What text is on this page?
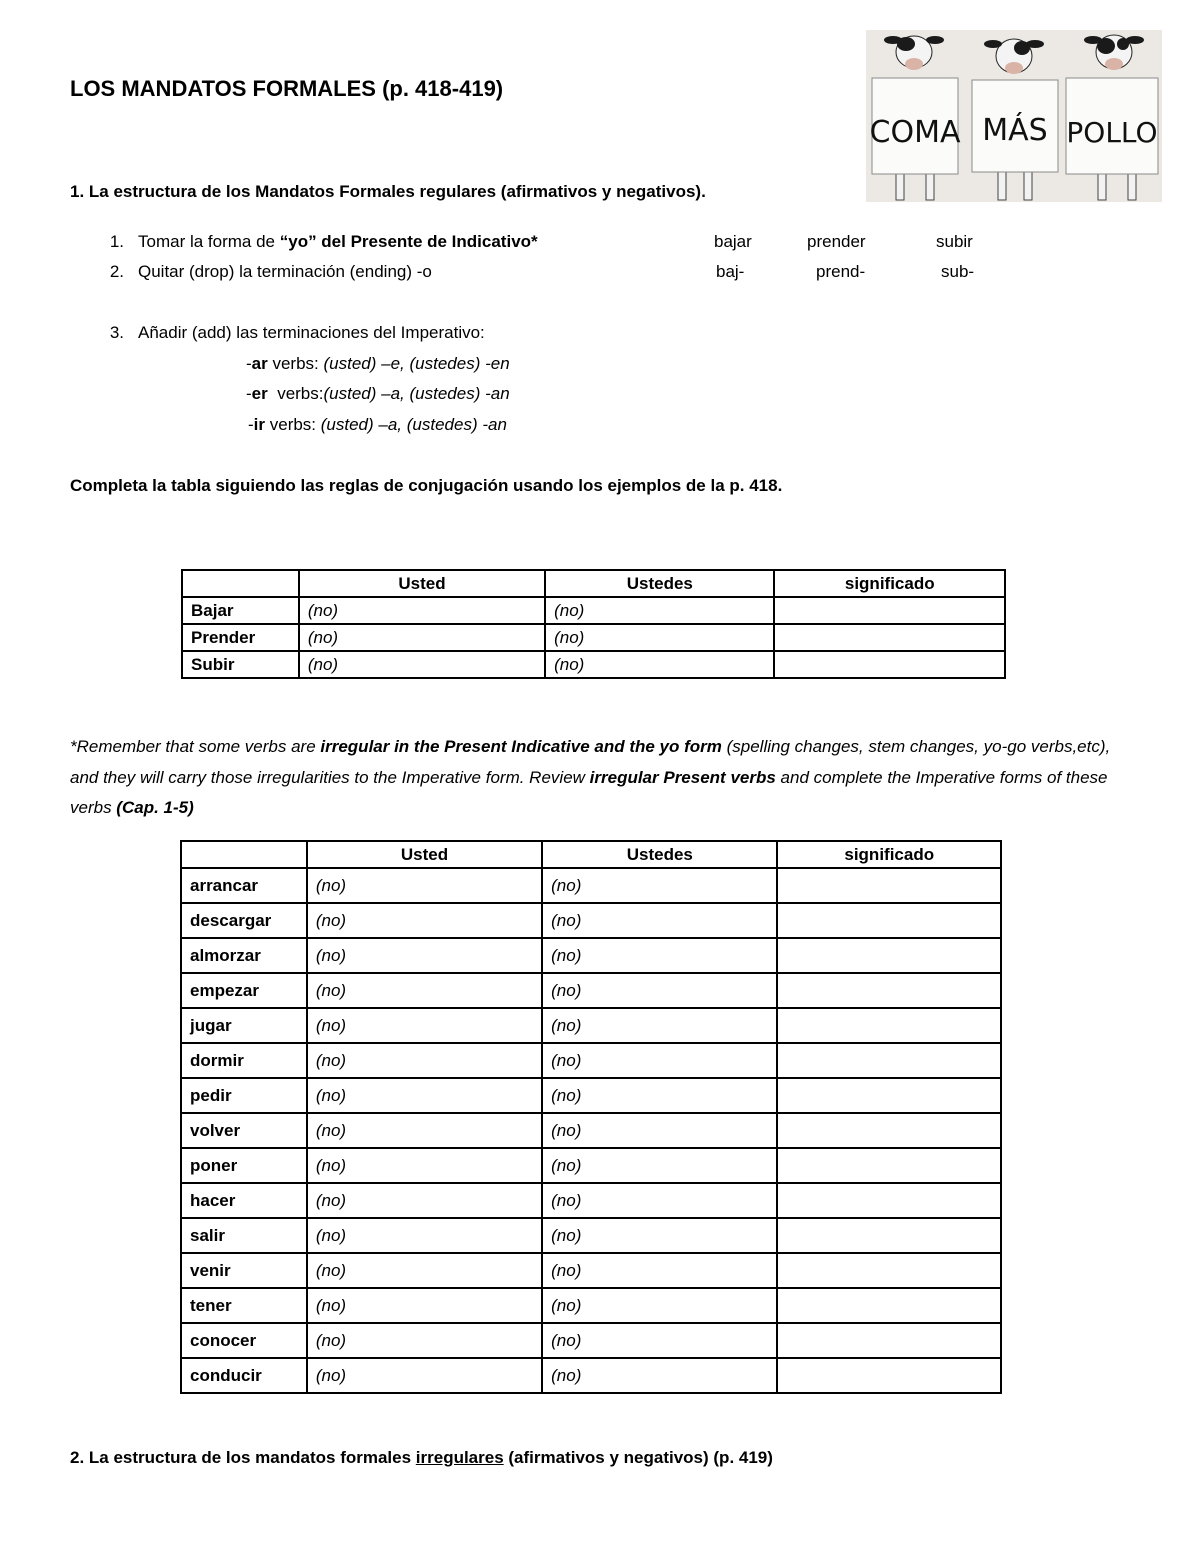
LOS MANDATOS FORMALES (p. 418-419)
COMA MÁS POLLO
1. La estructura de los Mandatos Formales regulares (afirmativos y negativos).
1. Tomar la forma de “yo” del Presente de Indicativo*	bajar	prender	subir
2. Quitar (drop) la terminación (ending) -o	baj-	prend-	sub-
3. Añadir (add) las terminaciones del Imperativo:
-ar verbs: (usted) –e, (ustedes) -en
-er  verbs:(usted) –a, (ustedes) -an
-ir verbs: (usted) –a, (ustedes) -an
Completa la tabla siguiendo las reglas de conjugación usando los ejemplos de la p. 418.
	Usted	Ustedes	significado
Bajar	(no)	(no)	
Prender	(no)	(no)	
Subir	(no)	(no)	
*Remember that some verbs are irregular in the Present Indicative and the yo form (spelling changes, stem changes, yo-go verbs,etc), and they will carry those irregularities to the Imperative form. Review irregular Present verbs and complete the Imperative forms of these verbs (Cap. 1-5)
	Usted	Ustedes	significado
arrancar	(no)	(no)	
descargar	(no)	(no)	
almorzar	(no)	(no)	
empezar	(no)	(no)	
jugar	(no)	(no)	
dormir	(no)	(no)	
pedir	(no)	(no)	
volver	(no)	(no)	
poner	(no)	(no)	
hacer	(no)	(no)	
salir	(no)	(no)	
venir	(no)	(no)	
tener	(no)	(no)	
conocer	(no)	(no)	
conducir	(no)	(no)	
2. La estructura de los mandatos formales irregulares (afirmativos y negativos) (p. 419)
